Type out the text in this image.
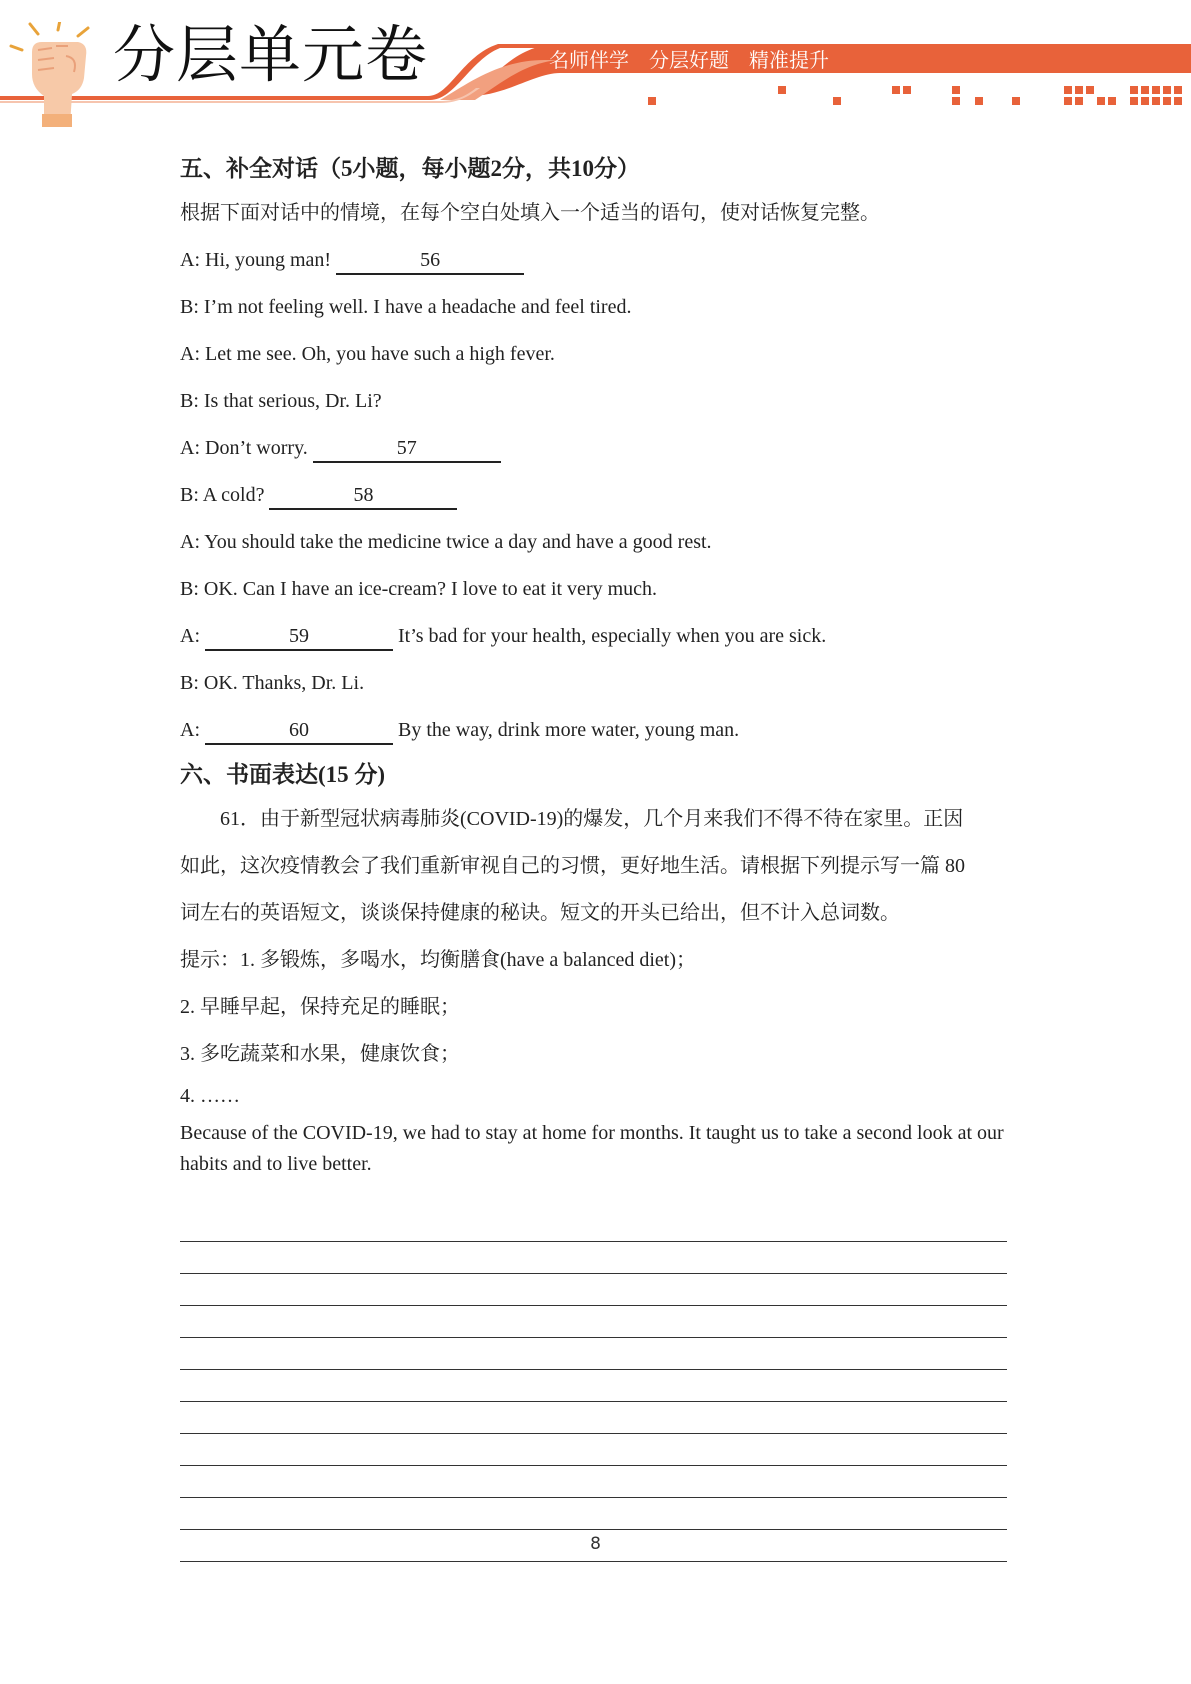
分层单元卷	名师伴学 分层好题 精准提升

五、补全对话（5小题，每小题2分，共10分）

根据下面对话中的情境，在每个空白处填入一个适当的语句，使对话恢复完整。

A: Hi, young man!	56

B: I’m not feeling well. I have a headache and feel tired.

A: Let me see. Oh, you have such a high fever.

B: Is that serious, Dr. Li?

A: Don’t worry.	57

B: A cold?	58

A: You should take the medicine twice a day and have a good rest.

B: OK. Can I have an ice-cream? I love to eat it very much.

A:	59	It’s bad for your health, especially when you are sick.

B: OK. Thanks, Dr. Li.

A:	60	By the way, drink more water, young man.

六、书面表达(15 分)

61．由于新型冠状病毒肺炎(COVID-19)的爆发，几个月来我们不得不待在家里。正因

如此，这次疫情教会了我们重新审视自己的习惯，更好地生活。请根据下列提示写一篇 80

词左右的英语短文，谈谈保持健康的秘诀。短文的开头已给出，但不计入总词数。

提示：1. 多锻炼，多喝水，均衡膳食(have a balanced diet)；

2. 早睡早起，保持充足的睡眠；

3. 多吃蔬菜和水果，健康饮食；

4. ……

Because of the COVID-19, we had to stay at home for months. It taught us to take a second look at our habits and to live better.

8
